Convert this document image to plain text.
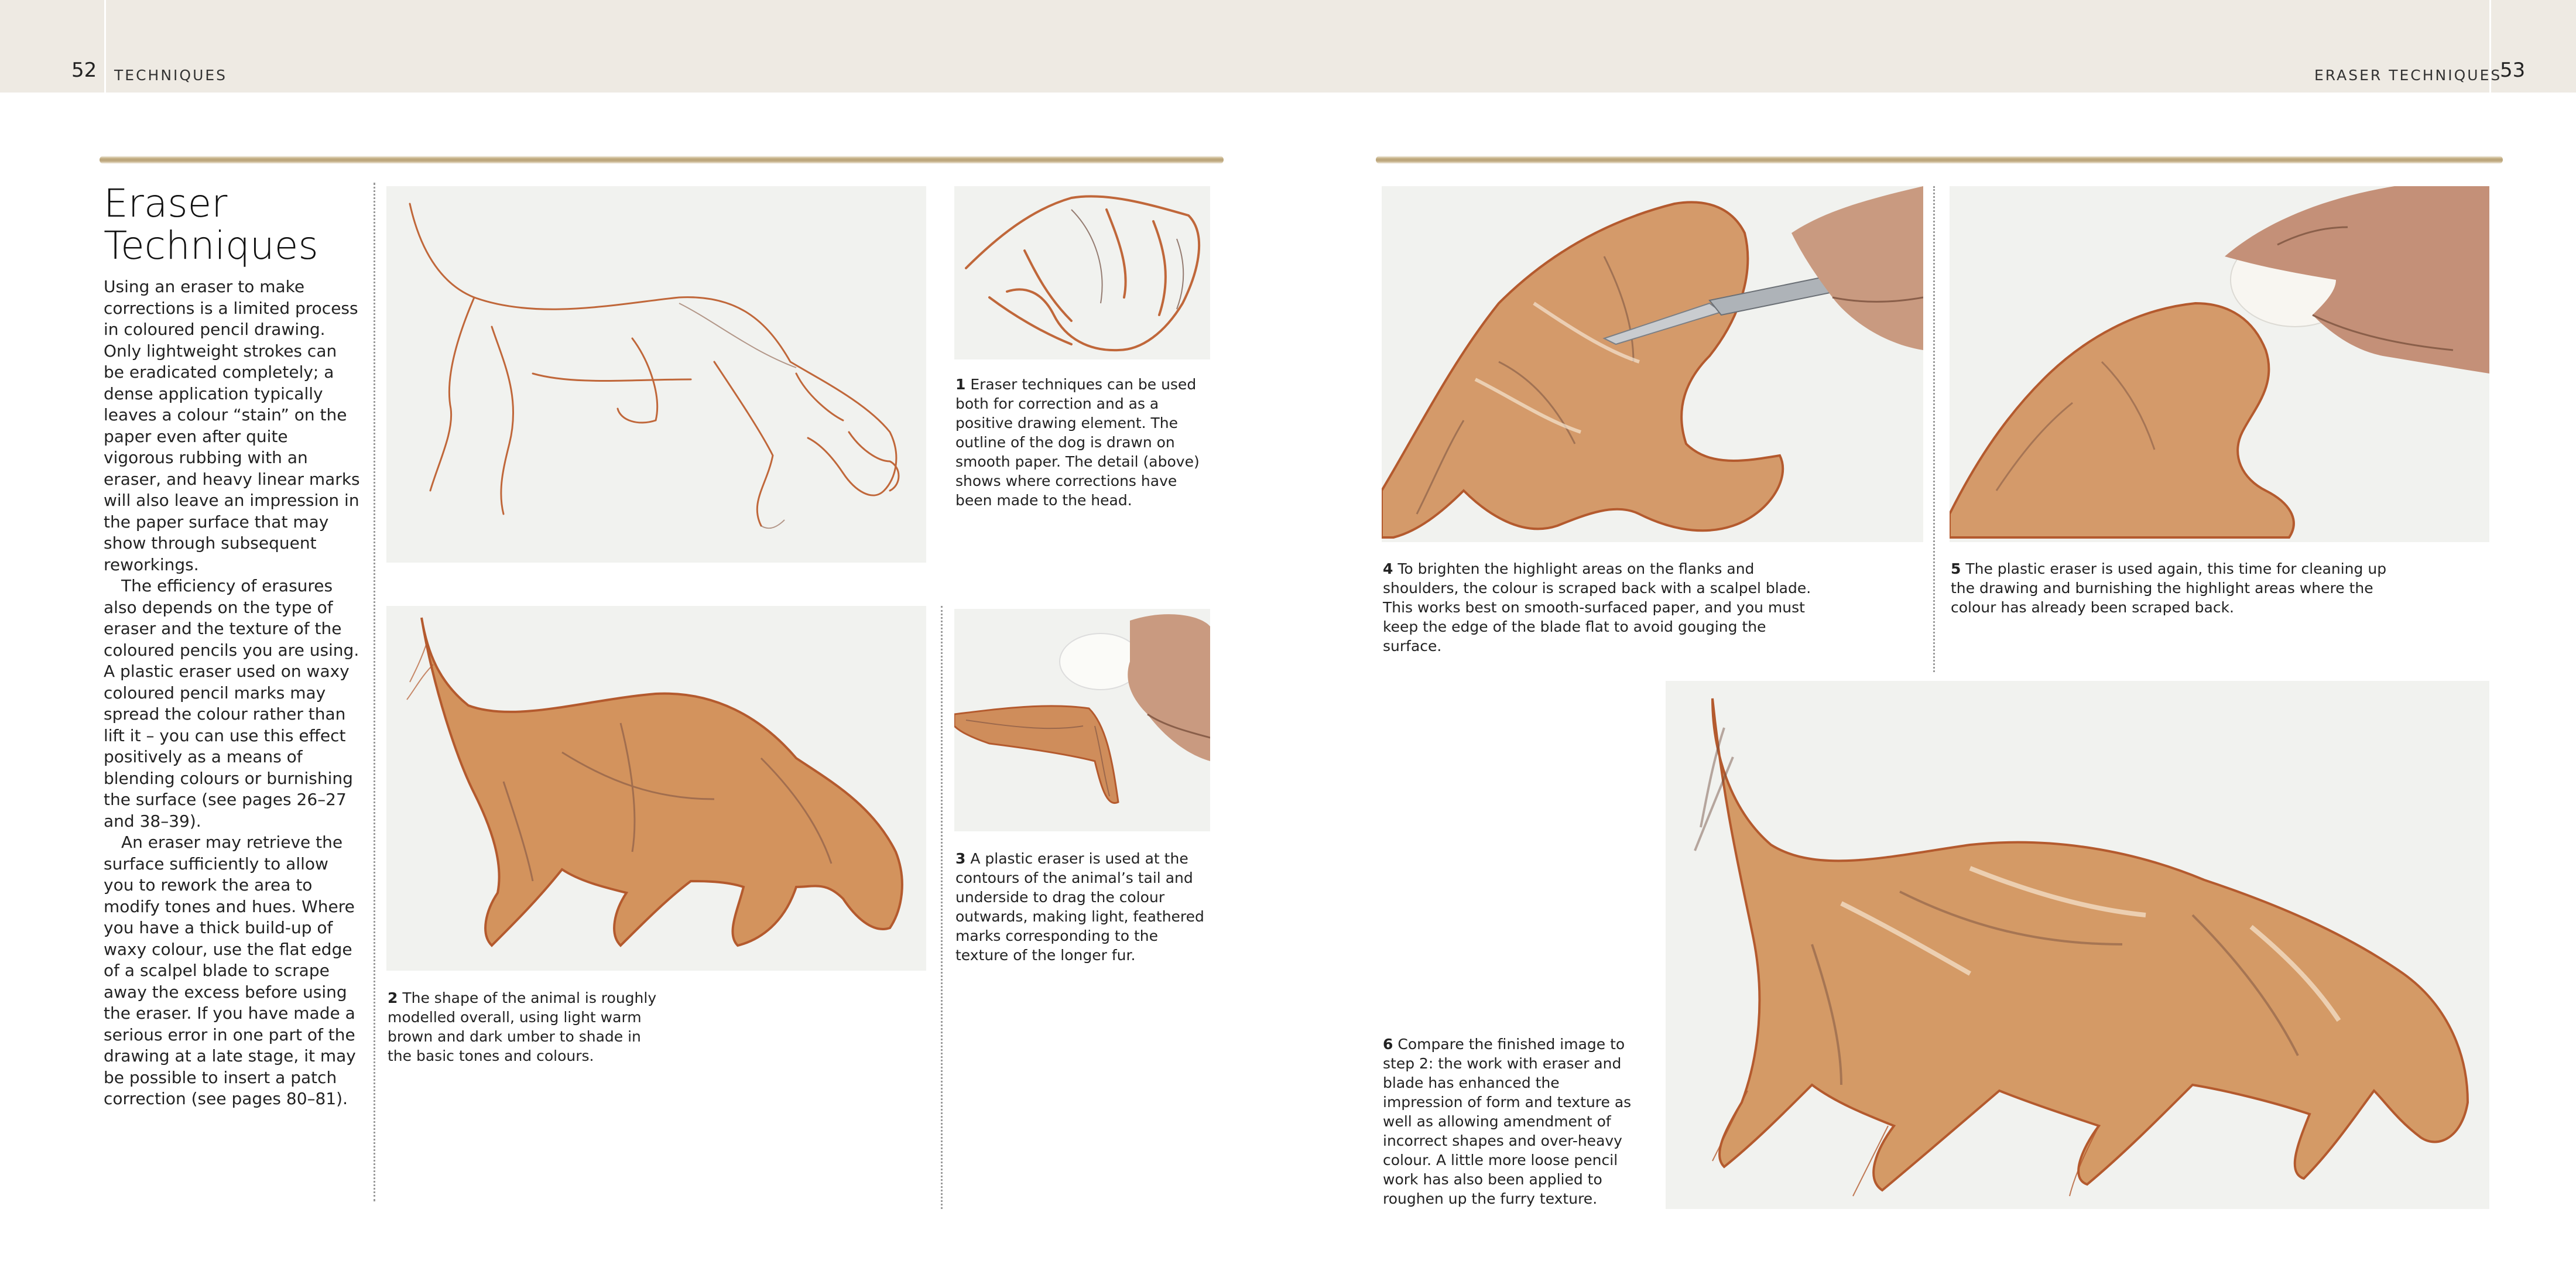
52 TECHNIQUES	ERASER TECHNIQUES
53
Eraser
Techniques

Using an eraser to make corrections is a limited process in coloured pencil drawing. Only lightweight strokes can be eradicated completely; a dense application typically leaves a colour “stain” on the paper even after quite vigorous rubbing with an eraser, and heavy linear marks will also leave an impression in the paper surface that may show through subsequent reworkings.

The efficiency of erasures also depends on the type of eraser and the texture of the coloured pencils you are using. A plastic eraser used on waxy coloured pencil marks may spread the colour rather than lift it – you can use this effect positively as a means of blending colours or burnishing the surface (see pages 26–27 and 38–39).

An eraser may retrieve the surface sufficiently to allow you to rework the area to modify tones and hues. Where you have a thick build-up of waxy colour, use the flat edge of a scalpel blade to scrape away the excess before using the eraser. If you have made a serious error in one part of the drawing at a late stage, it may be possible to insert a patch correction (see pages 80–81).

1 Eraser techniques can be used both for correction and as a positive drawing element. The outline of the dog is drawn on smooth paper. The detail (above) shows where corrections have been made to the head.
2 The shape of the animal is roughly modelled overall, using light warm brown and dark umber to shade in the basic tones and colours.
3 A plastic eraser is used at the contours of the animal’s tail and underside to drag the colour outwards, making light, feathered marks corresponding to the texture of the longer fur.
4 To brighten the highlight areas on the flanks and shoulders, the colour is scraped back with a scalpel blade. This works best on smooth-surfaced paper, and you must keep the edge of the blade flat to avoid gouging the surface.
5 The plastic eraser is used again, this time for cleaning up the drawing and burnishing the highlight areas where the colour has already been scraped back.
6 Compare the finished image to step 2: the work with eraser and blade has enhanced the impression of form and texture as well as allowing amendment of incorrect shapes and over-heavy colour. A little more loose pencil work has also been applied to roughen up the furry texture.
